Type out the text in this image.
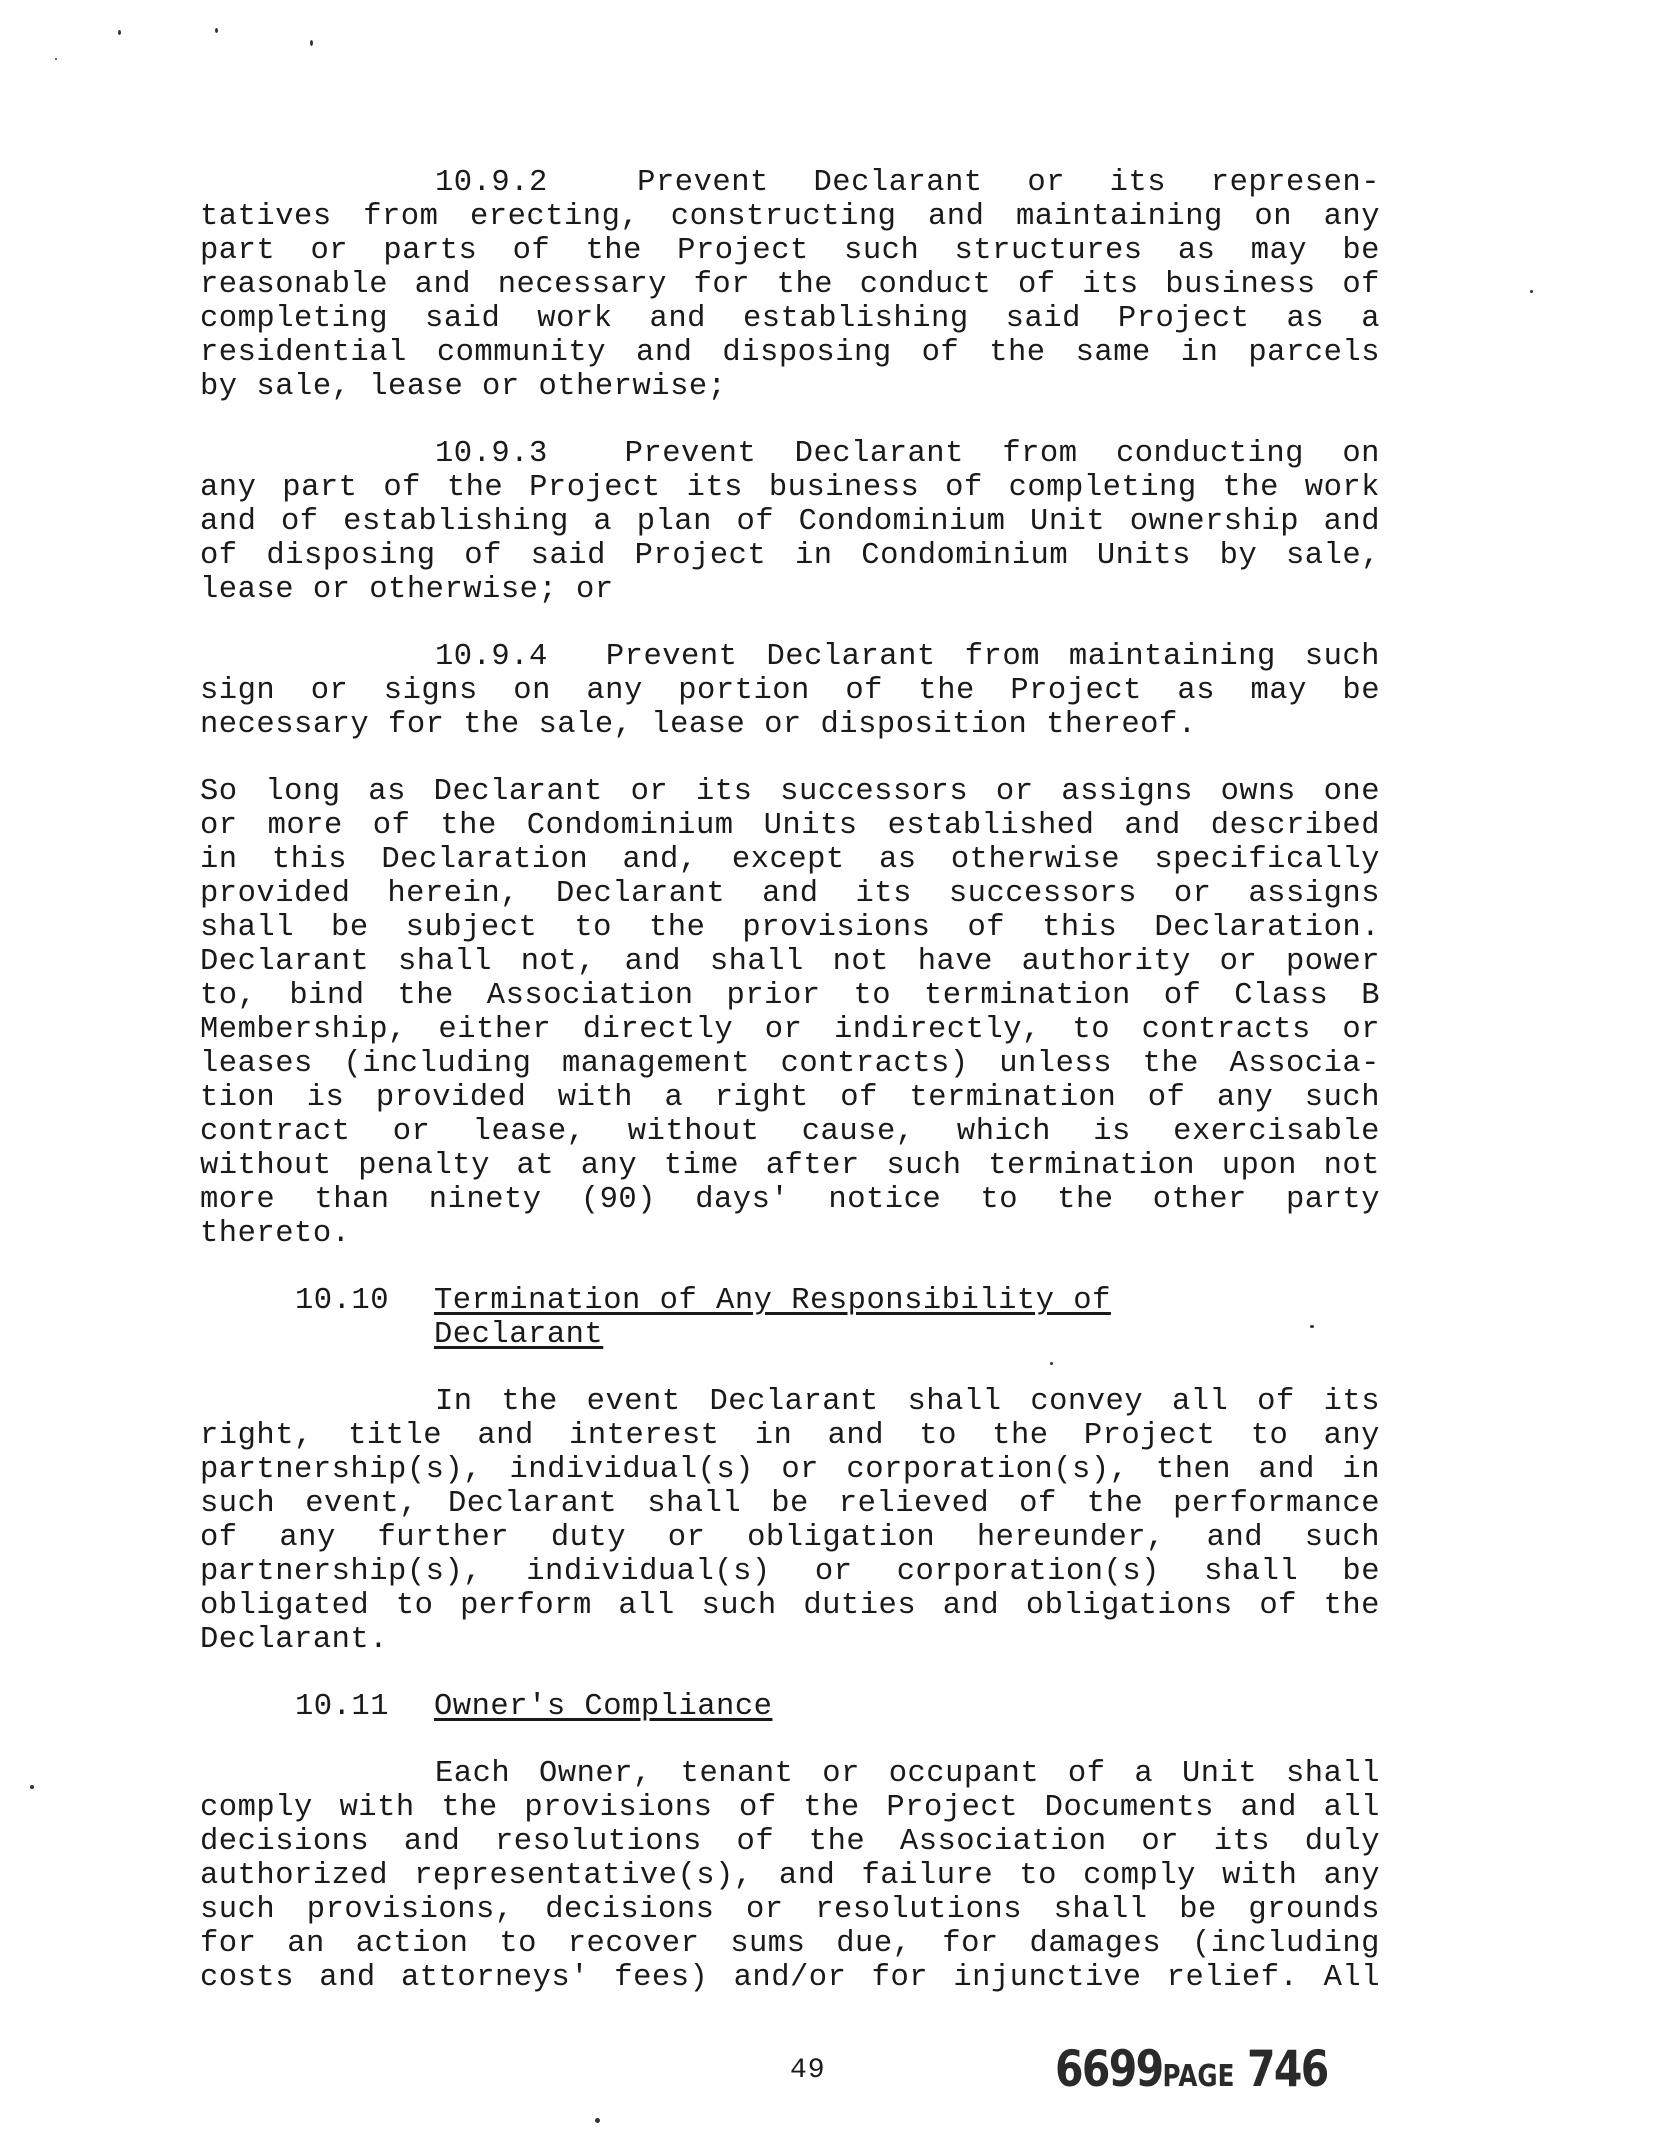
10.9.2  Prevent Declarant or its represen-
tatives from erecting, constructing and maintaining on any
part or parts of the Project such structures as may be
reasonable and necessary for the conduct of its business of
completing said work and establishing said Project as a
residential community and disposing of the same in parcels
by sale, lease or otherwise;
10.9.3  Prevent Declarant from conducting on
any part of the Project its business of completing the work
and of establishing a plan of Condominium Unit ownership and
of disposing of said Project in Condominium Units by sale,
lease or otherwise; or
10.9.4  Prevent Declarant from maintaining such
sign or signs on any portion of the Project as may be
necessary for the sale, lease or disposition thereof.
So long as Declarant or its successors or assigns owns one
or more of the Condominium Units established and described
in this Declaration and, except as otherwise specifically
provided herein, Declarant and its successors or assigns
shall be subject to the provisions of this Declaration.
Declarant shall not, and shall not have authority or power
to, bind the Association prior to termination of Class B
Membership, either directly or indirectly, to contracts or
leases (including management contracts) unless the Associa-
tion is provided with a right of termination of any such
contract or lease, without cause, which is exercisable
without penalty at any time after such termination upon not
more than ninety (90) days' notice to the other party
thereto.
10.10 Termination of Any Responsibility of
Declarant
In the event Declarant shall convey all of its
right, title and interest in and to the Project to any
partnership(s), individual(s) or corporation(s), then and in
such event, Declarant shall be relieved of the performance
of any further duty or obligation hereunder, and such
partnership(s), individual(s) or corporation(s) shall be
obligated to perform all such duties and obligations of the
Declarant.
10.11 Owner's Compliance
Each Owner, tenant or occupant of a Unit shall
comply with the provisions of the Project Documents and all
decisions and resolutions of the Association or its duly
authorized representative(s), and failure to comply with any
such provisions, decisions or resolutions shall be grounds
for an action to recover sums due, for damages (including
costs and attorneys' fees) and/or for injunctive relief. All
49	6699PAGE 746
